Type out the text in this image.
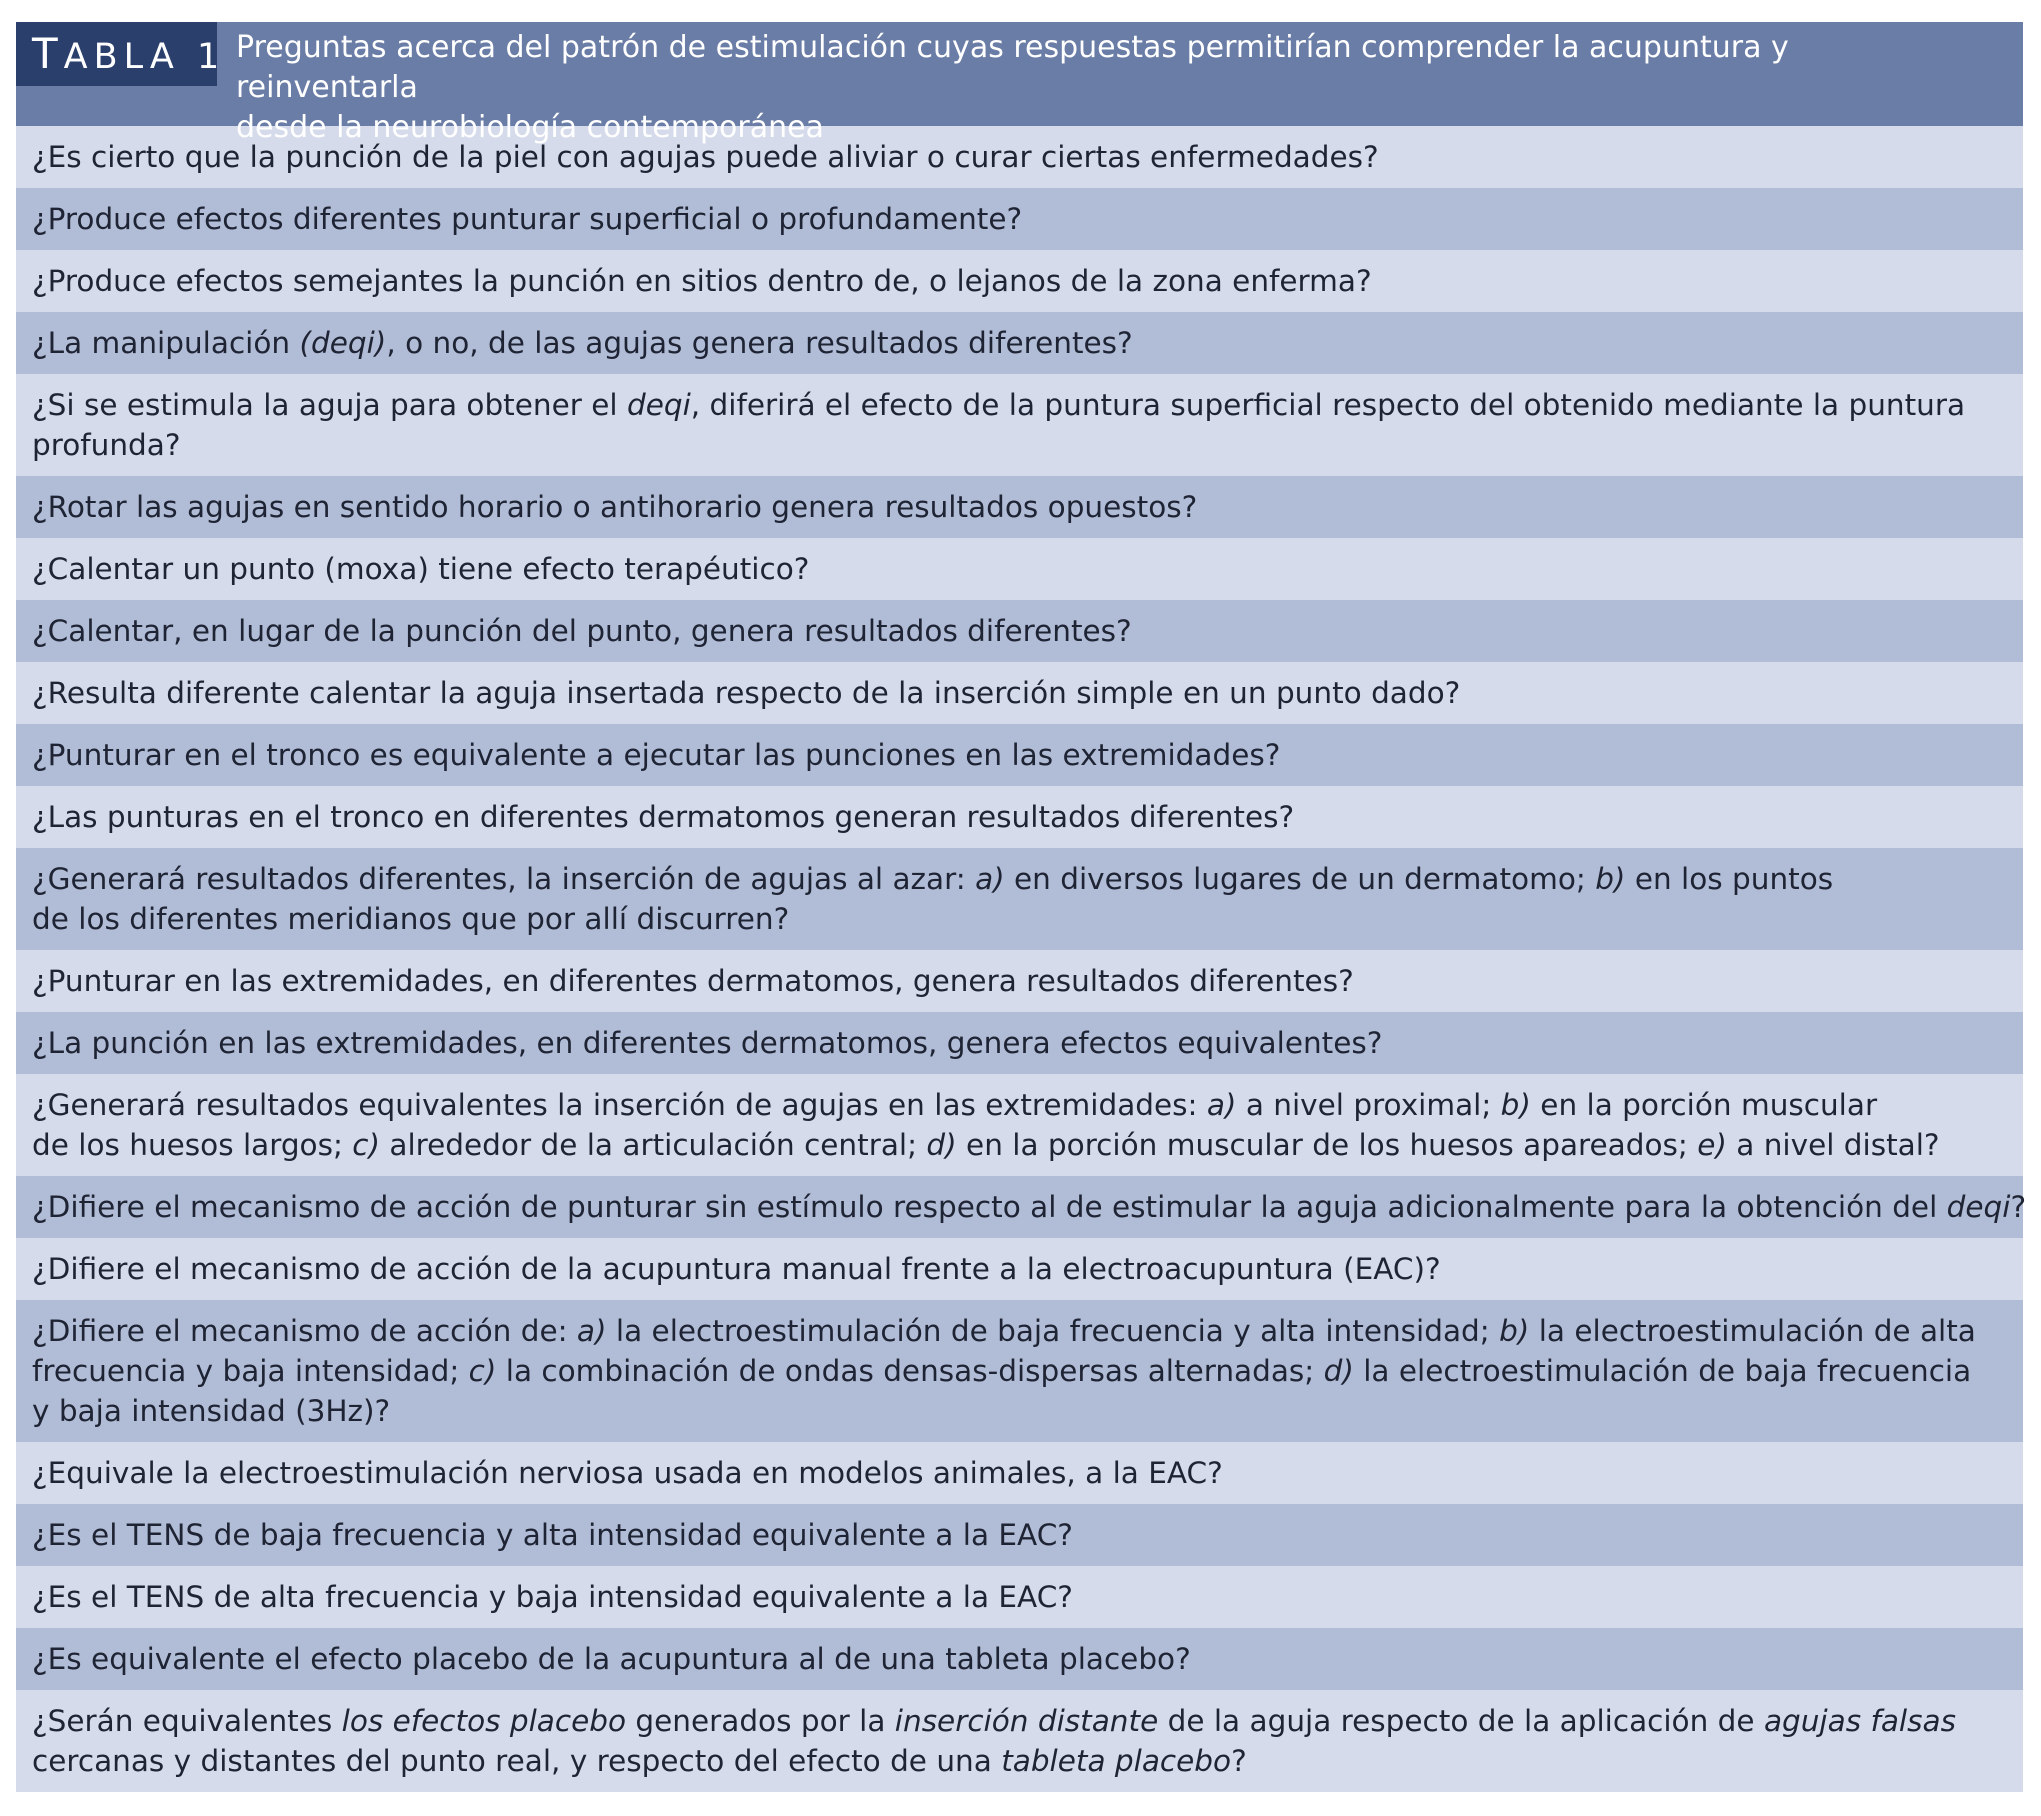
TABLA 1 Preguntas acerca del patrón de estimulación cuyas respuestas permitirían comprender la acupuntura y reinventarla
desde la neurobiología contemporánea
¿Es cierto que la punción de la piel con agujas puede aliviar o curar ciertas enfermedades?
¿Produce efectos diferentes punturar superficial o profundamente?
¿Produce efectos semejantes la punción en sitios dentro de, o lejanos de la zona enferma?
¿La manipulación (deqi), o no, de las agujas genera resultados diferentes?
¿Si se estimula la aguja para obtener el deqi, diferirá el efecto de la puntura superficial respecto del obtenido mediante la puntura
profunda?
¿Rotar las agujas en sentido horario o antihorario genera resultados opuestos?
¿Calentar un punto (moxa) tiene efecto terapéutico?
¿Calentar, en lugar de la punción del punto, genera resultados diferentes?
¿Resulta diferente calentar la aguja insertada respecto de la inserción simple en un punto dado?
¿Punturar en el tronco es equivalente a ejecutar las punciones en las extremidades?
¿Las punturas en el tronco en diferentes dermatomos generan resultados diferentes?
¿Generará resultados diferentes, la inserción de agujas al azar: a) en diversos lugares de un dermatomo; b) en los puntos
de los diferentes meridianos que por allí discurren?
¿Punturar en las extremidades, en diferentes dermatomos, genera resultados diferentes?
¿La punción en las extremidades, en diferentes dermatomos, genera efectos equivalentes?
¿Generará resultados equivalentes la inserción de agujas en las extremidades: a) a nivel proximal; b) en la porción muscular
de los huesos largos; c) alrededor de la articulación central; d) en la porción muscular de los huesos apareados; e) a nivel distal?
¿Difiere el mecanismo de acción de punturar sin estímulo respecto al de estimular la aguja adicionalmente para la obtención del deqi?
¿Difiere el mecanismo de acción de la acupuntura manual frente a la electroacupuntura (EAC)?
¿Difiere el mecanismo de acción de: a) la electroestimulación de baja frecuencia y alta intensidad; b) la electroestimulación de alta
frecuencia y baja intensidad; c) la combinación de ondas densas-dispersas alternadas; d) la electroestimulación de baja frecuencia
y baja intensidad (3Hz)?
¿Equivale la electroestimulación nerviosa usada en modelos animales, a la EAC?
¿Es el TENS de baja frecuencia y alta intensidad equivalente a la EAC?
¿Es el TENS de alta frecuencia y baja intensidad equivalente a la EAC?
¿Es equivalente el efecto placebo de la acupuntura al de una tableta placebo?
¿Serán equivalentes los efectos placebo generados por la inserción distante de la aguja respecto de la aplicación de agujas falsas
cercanas y distantes del punto real, y respecto del efecto de una tableta placebo?
